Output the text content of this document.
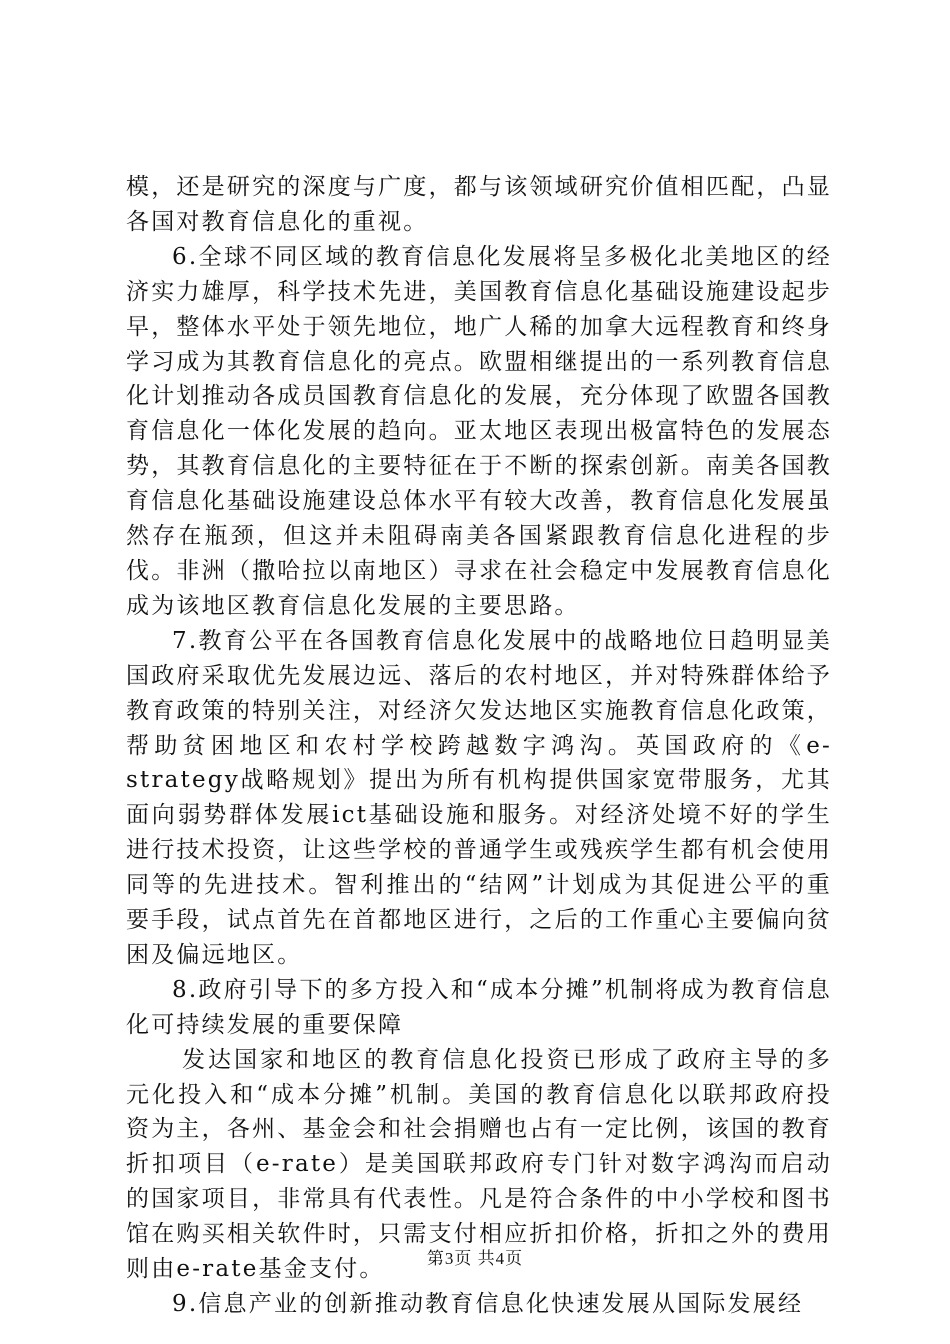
模，还是研究的深度与广度，都与该领域研究价值相匹配，凸显各国对教育信息化的重视。

6.全球不同区域的教育信息化发展将呈多极化北美地区的经济实力雄厚，科学技术先进，美国教育信息化基础设施建设起步早，整体水平处于领先地位，地广人稀的加拿大远程教育和终身学习成为其教育信息化的亮点。欧盟相继提出的一系列教育信息化计划推动各成员国教育信息化的发展，充分体现了欧盟各国教育信息化一体化发展的趋向。亚太地区表现出极富特色的发展态势，其教育信息化的主要特征在于不断的探索创新。南美各国教育信息化基础设施建设总体水平有较大改善，教育信息化发展虽然存在瓶颈，但这并未阻碍南美各国紧跟教育信息化进程的步伐。非洲（撒哈拉以南地区）寻求在社会稳定中发展教育信息化成为该地区教育信息化发展的主要思路。

7.教育公平在各国教育信息化发展中的战略地位日趋明显美国政府采取优先发展边远、落后的农村地区，并对特殊群体给予教育政策的特别关注，对经济欠发达地区实施教育信息化政策，帮助贫困地区和农村学校跨越数字鸿沟。英国政府的《e-strategy战略规划》提出为所有机构提供国家宽带服务，尤其面向弱势群体发展ict基础设施和服务。对经济处境不好的学生进行技术投资，让这些学校的普通学生或残疾学生都有机会使用同等的先进技术。智利推出的“结网”计划成为其促进公平的重要手段，试点首先在首都地区进行，之后的工作重心主要偏向贫困及偏远地区。

8.政府引导下的多方投入和“成本分摊”机制将成为教育信息化可持续发展的重要保障

发达国家和地区的教育信息化投资已形成了政府主导的多元化投入和“成本分摊”机制。美国的教育信息化以联邦政府投资为主，各州、基金会和社会捐赠也占有一定比例，该国的教育折扣项目（e-rate）是美国联邦政府专门针对数字鸿沟而启动的国家项目，非常具有代表性。凡是符合条件的中小学校和图书馆在购买相关软件时，只需支付相应折扣价格，折扣之外的费用则由e-rate基金支付。

9.信息产业的创新推动教育信息化快速发展从国际发展经

第3页 共4页
